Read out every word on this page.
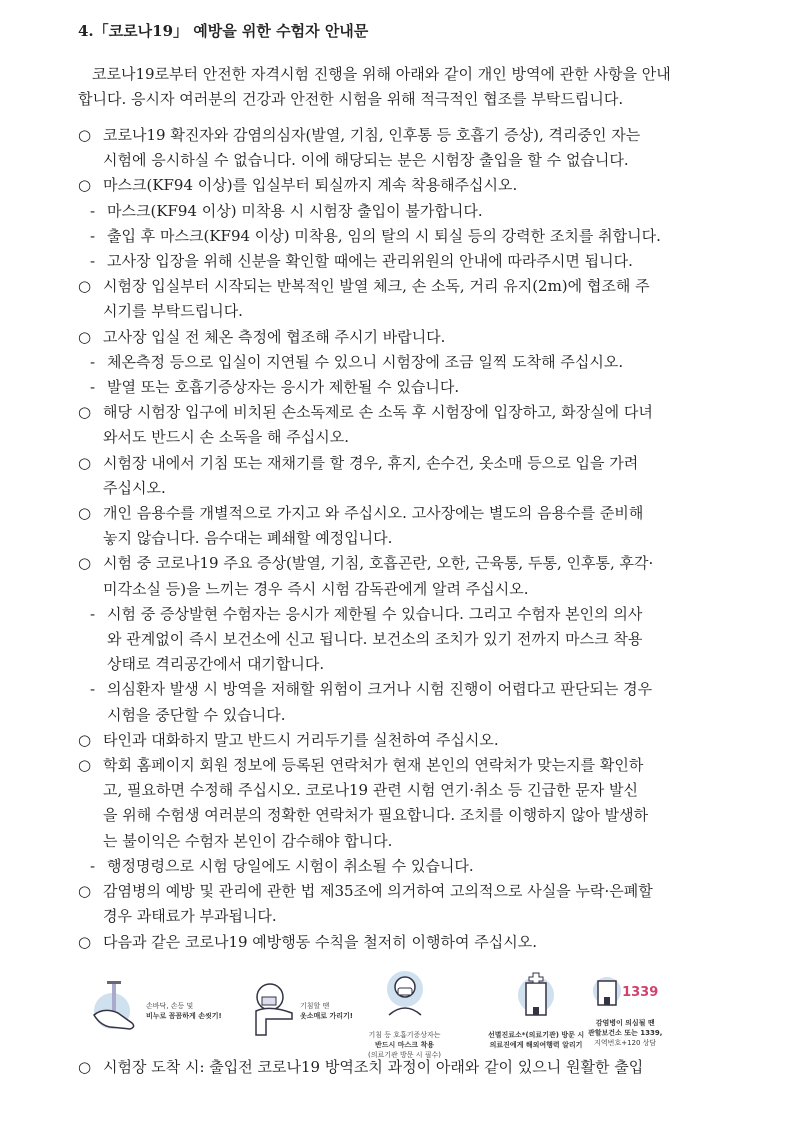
4.「코로나19」 예방을 위한 수험자 안내문
코로나19로부터 안전한 자격시험 진행을 위해 아래와 같이 개인 방역에 관한 사항을 안내
합니다. 응시자 여러분의 건강과 안전한 시험을 위해 적극적인 협조를 부탁드립니다.
○ 코로나19 확진자와 감염의심자(발열, 기침, 인후통 등 호흡기 증상), 격리중인 자는
시험에 응시하실 수 없습니다. 이에 해당되는 분은 시험장 출입을 할 수 없습니다.
○ 마스크(KF94 이상)를 입실부터 퇴실까지 계속 착용해주십시오.
- 마스크(KF94 이상) 미착용 시 시험장 출입이 불가합니다.
- 출입 후 마스크(KF94 이상) 미착용, 임의 탈의 시 퇴실 등의 강력한 조치를 취합니다.
- 고사장 입장을 위해 신분을 확인할 때에는 관리위원의 안내에 따라주시면 됩니다.
○ 시험장 입실부터 시작되는 반복적인 발열 체크, 손 소독, 거리 유지(2m)에 협조해 주
시기를 부탁드립니다.
○ 고사장 입실 전 체온 측정에 협조해 주시기 바랍니다.
- 체온측정 등으로 입실이 지연될 수 있으니 시험장에 조금 일찍 도착해 주십시오.
- 발열 또는 호흡기증상자는 응시가 제한될 수 있습니다.
○ 해당 시험장 입구에 비치된 손소독제로 손 소독 후 시험장에 입장하고, 화장실에 다녀
와서도 반드시 손 소독을 해 주십시오.
○ 시험장 내에서 기침 또는 재채기를 할 경우, 휴지, 손수건, 옷소매 등으로 입을 가려
주십시오.
○ 개인 음용수를 개별적으로 가지고 와 주십시오. 고사장에는 별도의 음용수를 준비해
놓지 않습니다. 음수대는 폐쇄할 예정입니다.
○ 시험 중 코로나19 주요 증상(발열, 기침, 호흡곤란, 오한, 근육통, 두통, 인후통, 후각·
미각소실 등)을 느끼는 경우 즉시 시험 감독관에게 알려 주십시오.
- 시험 중 증상발현 수험자는 응시가 제한될 수 있습니다. 그리고 수험자 본인의 의사
와 관계없이 즉시 보건소에 신고 됩니다. 보건소의 조치가 있기 전까지 마스크 착용
상태로 격리공간에서 대기합니다.
- 의심환자 발생 시 방역을 저해할 위험이 크거나 시험 진행이 어렵다고 판단되는 경우
시험을 중단할 수 있습니다.
○ 타인과 대화하지 말고 반드시 거리두기를 실천하여 주십시오.
○ 학회 홈페이지 회원 정보에 등록된 연락처가 현재 본인의 연락처가 맞는지를 확인하
고, 필요하면 수정해 주십시오. 코로나19 관련 시험 연기·취소 등 긴급한 문자 발신
을 위해 수험생 여러분의 정확한 연락처가 필요합니다. 조치를 이행하지 않아 발생하
는 불이익은 수험자 본인이 감수해야 합니다.
- 행정명령으로 시험 당일에도 시험이 취소될 수 있습니다.
○ 감염병의 예방 및 관리에 관한 법 제35조에 의거하여 고의적으로 사실을 누락·은폐할
경우 과태료가 부과됩니다.
○ 다음과 같은 코로나19 예방행동 수칙을 철저히 이행하여 주십시오.
손바닥, 손등 및
비누로 꼼꼼하게 손씻기!
기침할 땐
옷소매로 가리기!
기침 등 호흡기증상자는
반드시 마스크 착용
(의료기관 방문 시 필수)
선별진료소*(의료기관) 방문 시
의료진에게 해외여행력 알리기
1339
감염병이 의심될 땐
관할보건소 또는 1339,
지역번호+120 상담
○ 시험장 도착 시: 출입전 코로나19 방역조치 과정이 아래와 같이 있으니 원활한 출입
